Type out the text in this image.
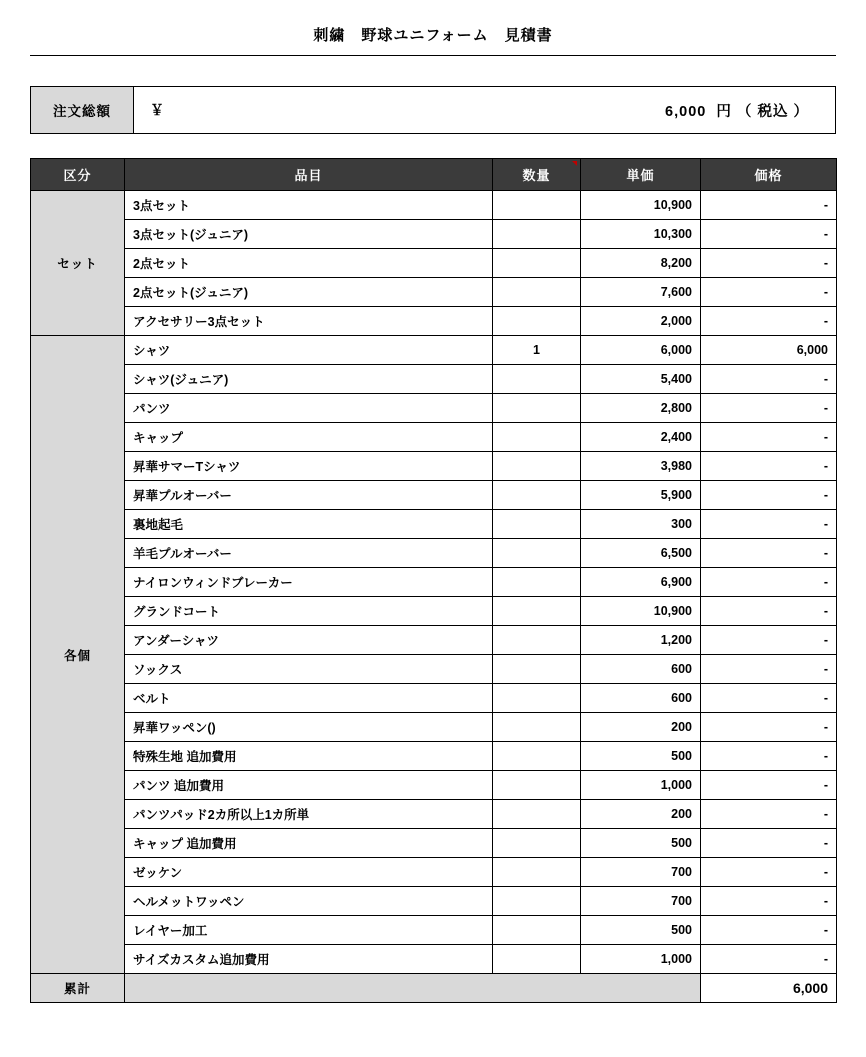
刺繍　野球ユニフォーム　見積書
注文総額	￥	6,000 円 （ 税込 ）
区分	品目	数量	単価	価格
セット	3点セット		10,900	-
	3点セット(ジュニア)		10,300	-
	2点セット		8,200	-
	2点セット(ジュニア)		7,600	-
	アクセサリー3点セット		2,000	-
各個	シャツ	1	6,000	6,000
	シャツ(ジュニア)		5,400	-
	パンツ		2,800	-
	キャップ		2,400	-
	昇華サマーTシャツ		3,980	-
	昇華プルオーバー		5,900	-
	裏地起毛		300	-
	羊毛プルオーバー		6,500	-
	ナイロンウィンドブレーカー		6,900	-
	グランドコート		10,900	-
	アンダーシャツ		1,200	-
	ソックス		600	-
	ベルト		600	-
	昇華ワッペン()		200	-
	特殊生地 追加費用		500	-
	パンツ 追加費用		1,000	-
	パンツパッド2カ所以上1カ所単		200	-
	キャップ 追加費用		500	-
	ゼッケン		700	-
	ヘルメットワッペン		700	-
	レイヤー加工		500	-
	サイズカスタム追加費用		1,000	-
累計				6,000
